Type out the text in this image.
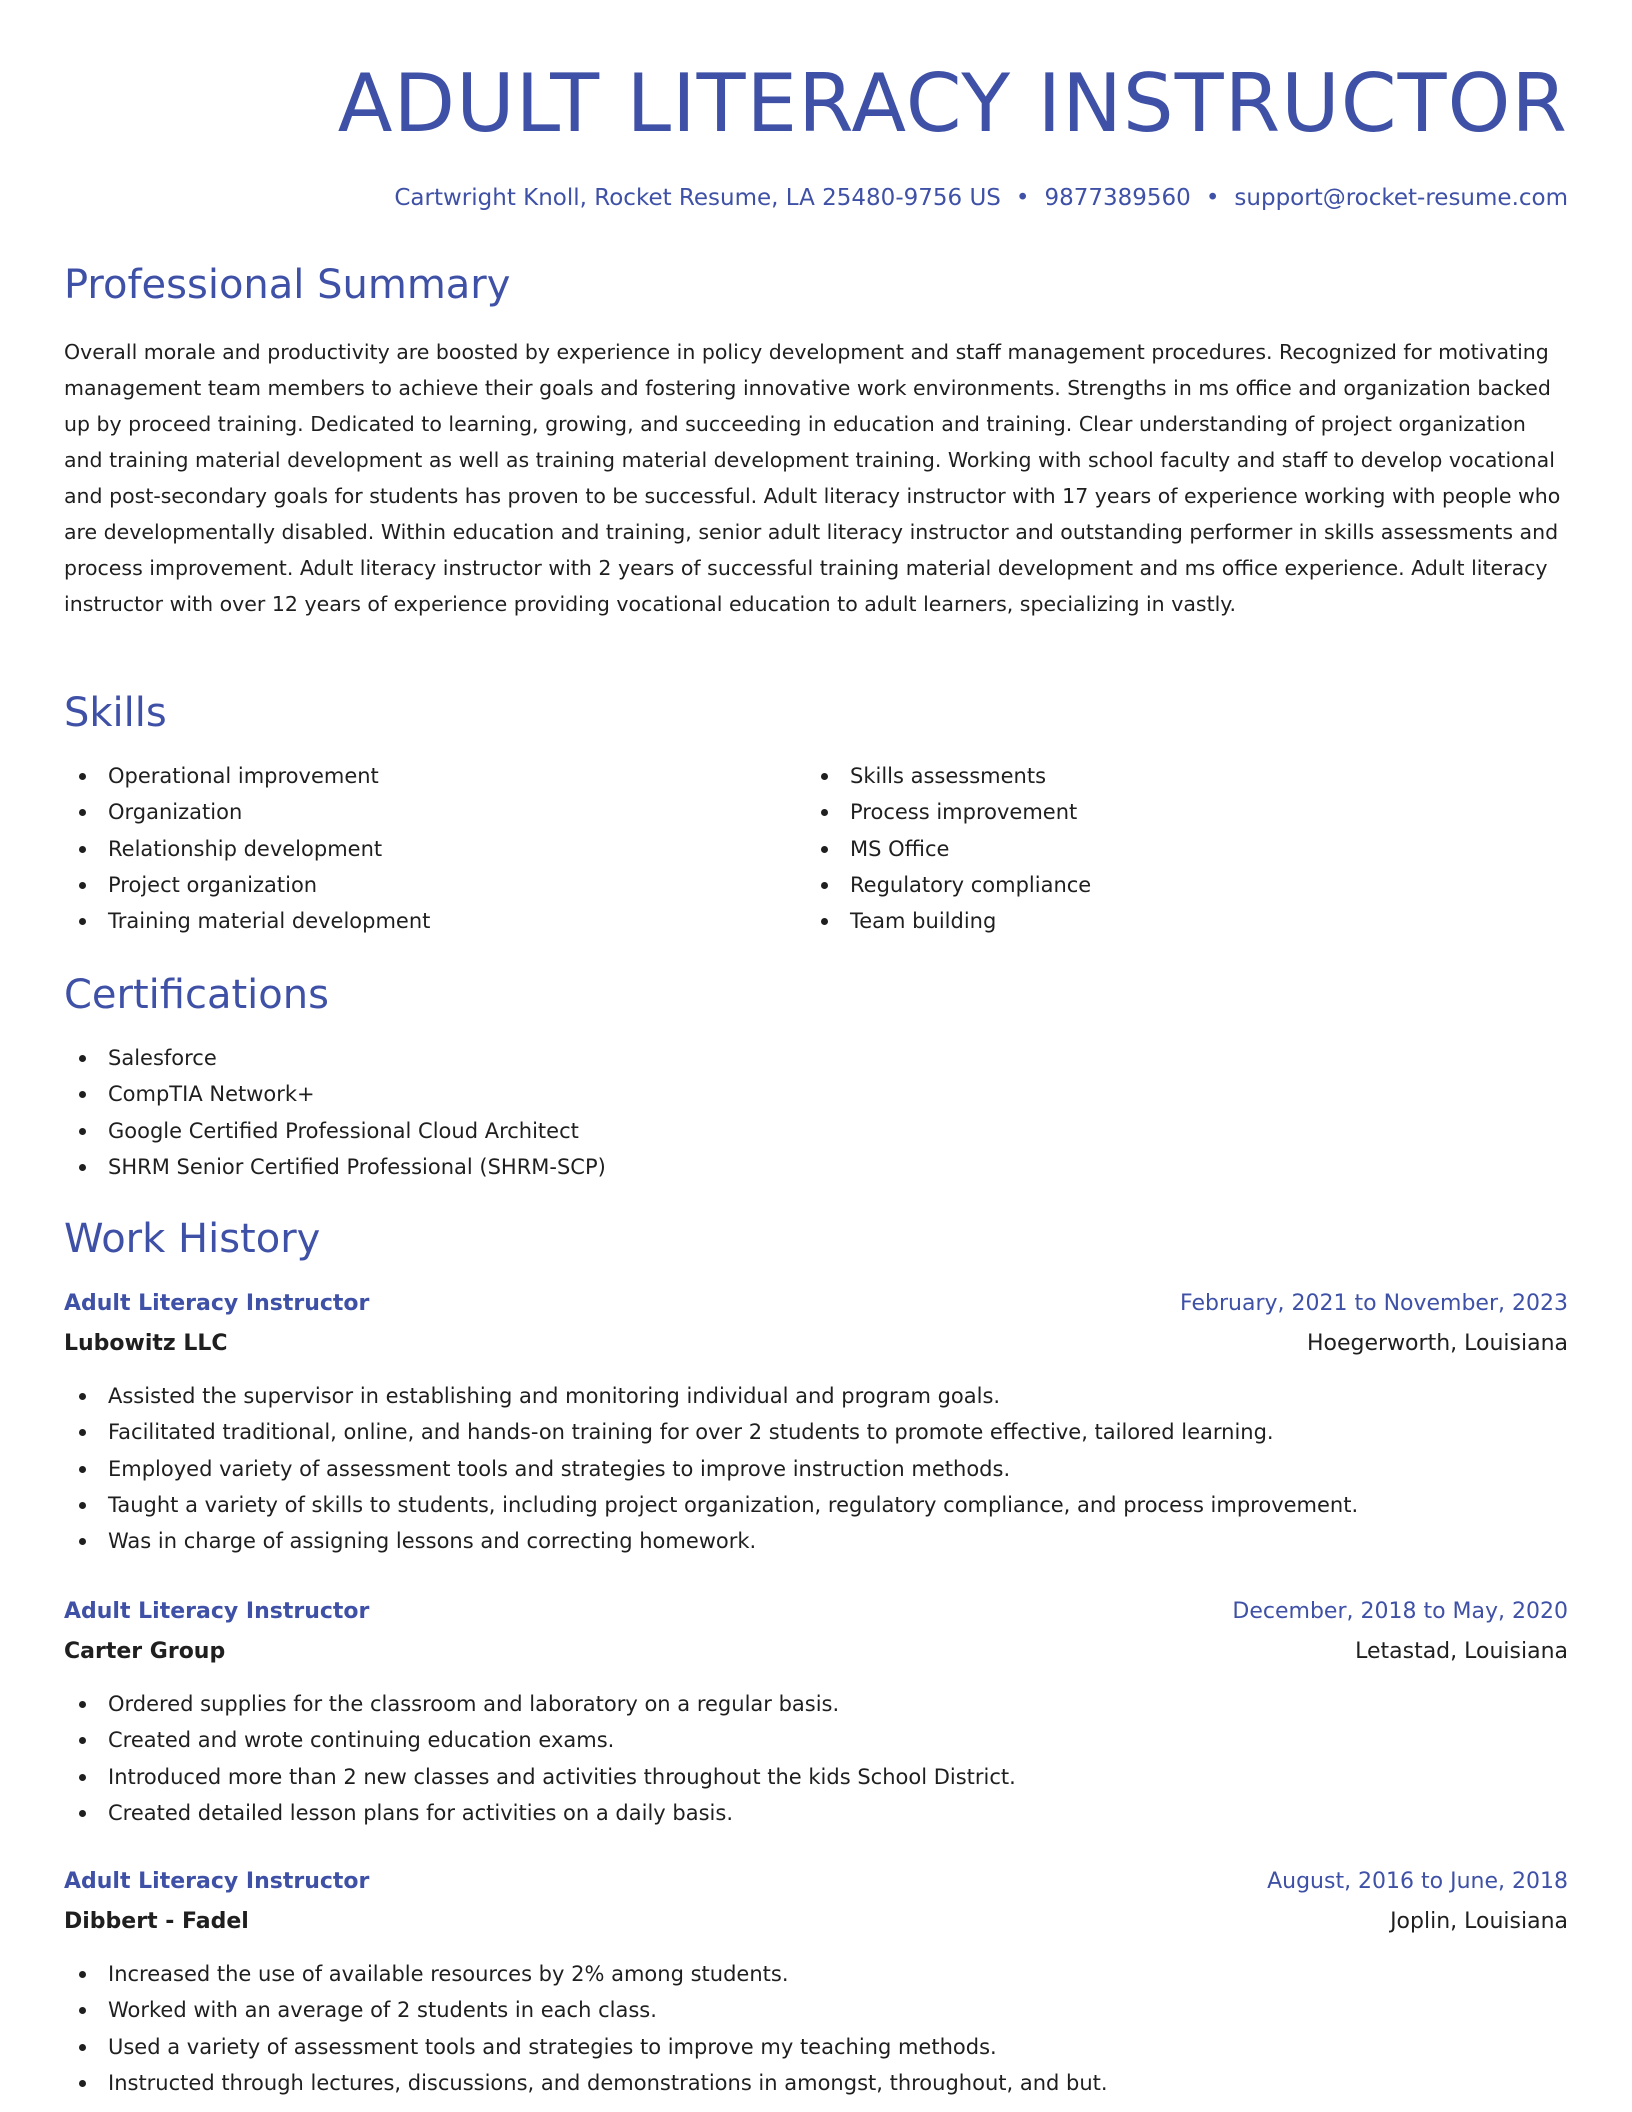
ADULT LITERACY INSTRUCTOR
Cartwright Knoll, Rocket Resume, LA 25480-9756 US • 9877389560 • support@rocket-resume.com
Professional Summary

Overall morale and productivity are boosted by experience in policy development and staff management procedures. Recognized for motivating management team members to achieve their goals and fostering innovative work environments. Strengths in ms office and organization backed up by proceed training. Dedicated to learning, growing, and succeeding in education and training. Clear understanding of project organization and training material development as well as training material development training. Working with school faculty and staff to develop vocational and post-secondary goals for students has proven to be successful. Adult literacy instructor with 17 years of experience working with people who are developmentally disabled. Within education and training, senior adult literacy instructor and outstanding performer in skills assessments and process improvement. Adult literacy instructor with 2 years of successful training material development and ms office experience. Adult literacy instructor with over 12 years of experience providing vocational education to adult learners, specializing in vastly.

Skills
Operational improvement
Organization
Relationship development
Project organization
Training material development
Skills assessments
Process improvement
MS Office
Regulatory compliance
Team building
Certifications
Salesforce
CompTIA Network+
Google Certified Professional Cloud Architect
SHRM Senior Certified Professional (SHRM-SCP)
Work History
Adult Literacy Instructor	February, 2021 to November, 2023
Lubowitz LLC	Hoegerworth, Louisiana
Assisted the supervisor in establishing and monitoring individual and program goals.
Facilitated traditional, online, and hands-on training for over 2 students to promote effective, tailored learning.
Employed variety of assessment tools and strategies to improve instruction methods.
Taught a variety of skills to students, including project organization, regulatory compliance, and process improvement.
Was in charge of assigning lessons and correcting homework.
Adult Literacy Instructor	December, 2018 to May, 2020
Carter Group	Letastad, Louisiana
Ordered supplies for the classroom and laboratory on a regular basis.
Created and wrote continuing education exams.
Introduced more than 2 new classes and activities throughout the kids School District.
Created detailed lesson plans for activities on a daily basis.
Adult Literacy Instructor	August, 2016 to June, 2018
Dibbert - Fadel	Joplin, Louisiana
Increased the use of available resources by 2% among students.
Worked with an average of 2 students in each class.
Used a variety of assessment tools and strategies to improve my teaching methods.
Instructed through lectures, discussions, and demonstrations in amongst, throughout, and but.
